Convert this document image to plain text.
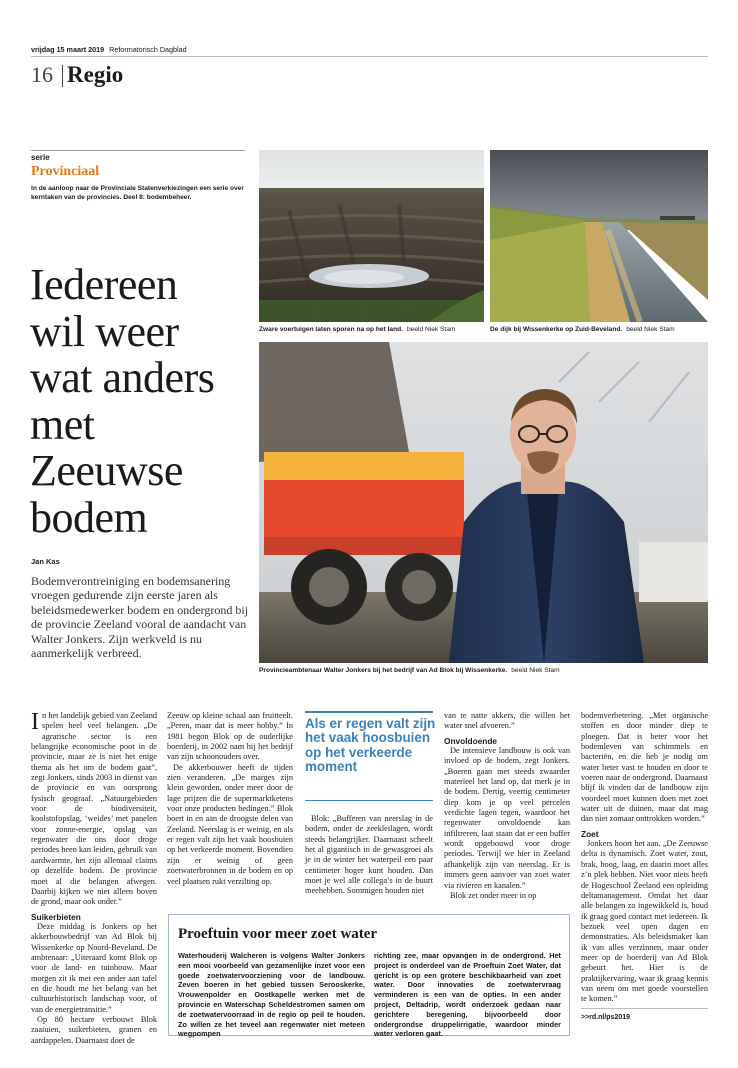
vrijdag 15 maart 2019 Reformatorisch Dagblad
16 Regio
serie
Provinciaal
In de aanloop naar de Provinciale Statenverkiezingen een serie over kerntaken van de provincies. Deel 8: bodembeheer.
Iedereen
wil weer
wat anders
met
Zeeuwse
bodem
Jan Kas
Bodemverontreiniging en bodemsanering vroegen gedurende zijn eerste jaren als beleidsmedewerker bodem en ondergrond bij de provincie Zeeland vooral de aandacht van Walter Jonkers. Zijn werkveld is nu aanmerkelijk verbreed.
Zware voertuigen laten sporen na op het land. beeld Niek Stam	De dijk bij Wissenkerke op Zuid-Beveland. beeld Niek Stam
Provincieambtenaar Walter Jonkers bij het bedrijf van Ad Blok bij Wissenkerke. beeld Niek Stam

In het landelijk gebied van Zeeland spelen heel veel belangen. „De agrarische sector is een belangrijke economische poot in de provincie, maar ze is niet het enige thema als het om de bodem gaat”, zegt Jonkers, sinds 2003 in dienst van de provincie en van oorsprong fysisch geograaf. „Natuurgebieden voor de biodiversiteit, koolstofopslag, ‘weides’ met panelen voor zonne-energie, opslag van regenwater die ons door droge periodes heen kan leiden, gebruik van aardwarmte, het zijn allemaal claims op dezelfde bodem. De provincie moet al die belangen afwegen. Daarbij kijken we niet alleen boven de grond, maar ook onder.”

Suikerbieten

Deze middag is Jonkers op het akkerbouwbedrijf van Ad Blok bij Wissenkerke op Noord-Beveland. De ambtenaar: „Uiteraard komt Blok op voor de land- en tuinbouw. Maar morgen zit ik met een ander aan tafel en die houdt me het belang van het cultuurhistorisch landschap voor, of van de energietransitie.”

Op 80 hectare verbouwt Blok zaaiuien, suikerbieten, granen en aardappelen. Daarnaast doet de

Zeeuw op kleine schaal aan fruitteelt. „Peren, maar dat is meer hobby.” In 1981 begon Blok op de ouderlijke boerderij, in 2002 nam hij het bedrijf van zijn schoonouders over.

De akkerbouwer heeft de tijden zien veranderen. „De marges zijn klein geworden, onder meer door de lage prijzen die de supermarktketens voor onze producten bedingen.” Blok boert in en aan de droogste delen van Zeeland. Neerslag is er weinig, en als er regen valt zijn het vaak hoosbuien op het verkeerde moment. Bovendien zijn er weinig of geen zoetwaterbronnen in de bodem en op veel plaatsen rukt verzilting op.

Als er regen valt zijn het vaak hoosbuien op het verkeerde moment

Blok: „Bufferen van neerslag in de bodem, onder de zeekleilagen, wordt steeds belangrijker. Daarnaast scheelt het al gigantisch in de gewasgroei als je in de winter het waterpeil een paar centimeter hoger kunt houden. Dan moet je wel alle collega’s in de buurt meehebben. Sommigen houden niet

van te natte akkers, die willen het water snel afvoeren.”

Onvoldoende

De intensieve landbouw is ook van invloed op de bodem, zegt Jonkers. „Boeren gaan met steeds zwaarder materieel het land op, dat merk je in de bodem. Dertig, veertig centimeter diep kom je op veel percelen verdichte lagen tegen, waardoor het regenwater onvoldoende kan infiltreren, laat staan dat er een buffer wordt opgebouwd voor droge periodes. Terwijl we hier in Zeeland afhankelijk zijn van neerslag. Er is immers geen aanvoer van zoet water via rivieren en kanalen.”

Blok zet onder meer in op

bodemverbetering. „Met organische stoffen en door minder diep te ploegen. Dat is beter voor het bodemleven van schimmels en bacteriën, en die heb je nodig om water beter vast te houden en door te voeren naar de ondergrond. Daarnaast blijf ik vinden dat de landbouw zijn voordeel moet kunnen doen met zoet water uit de duinen, maar dat mag dan niet zomaar onttrokken worden.”

Zoet

Jonkers hoort het aan. „De Zeeuwse delta is dynamisch. Zoet water, zout, brak, hoog, laag, en daarin moet alles z’n plek hebben. Niet voor niets heeft de Hogeschool Zeeland een opleiding deltamanagement. Omdat het daar alle belangen zo ingewikkeld is, houd ik graag goed contact met iedereen. Ik bezoek veel open dagen en demonstraties. Als beleidsmaker kan ik van alles verzinnen, maar onder meer op de boerderij van Ad Blok gebeurt het. Hier is de praktijkervaring, waar ik graag kennis van neem om met goede voorstellen te komen.”

>>rd.nl/ps2019

Proeftuin voor meer zoet water
Waterhouderij Walcheren is volgens Walter Jonkers een mooi voorbeeld van gezamenlijke inzet voor een goede zoetwatervoorziening voor de landbouw. Zeven boeren in het gebied tussen Serooskerke, Vrouwenpolder en Oostkapelle werken met de provincie en Waterschap Scheldestromen samen om de zoetwatervoorraad in de regio op peil te houden. Zo willen ze het teveel aan regenwater niet meteen wegpompen
richting zee, maar opvangen in de ondergrond. Het project is onderdeel van de Proeftuin Zoet Water, dat gericht is op een grotere beschikbaarheid van zoet water. Door innovaties de zoetwatervraag verminderen is een van de opties. In een ander project, Deltadrip, wordt onderzoek gedaan naar gerichtere beregening, bijvoorbeeld door ondergrondse druppelirrigatie, waardoor minder water verloren gaat.
